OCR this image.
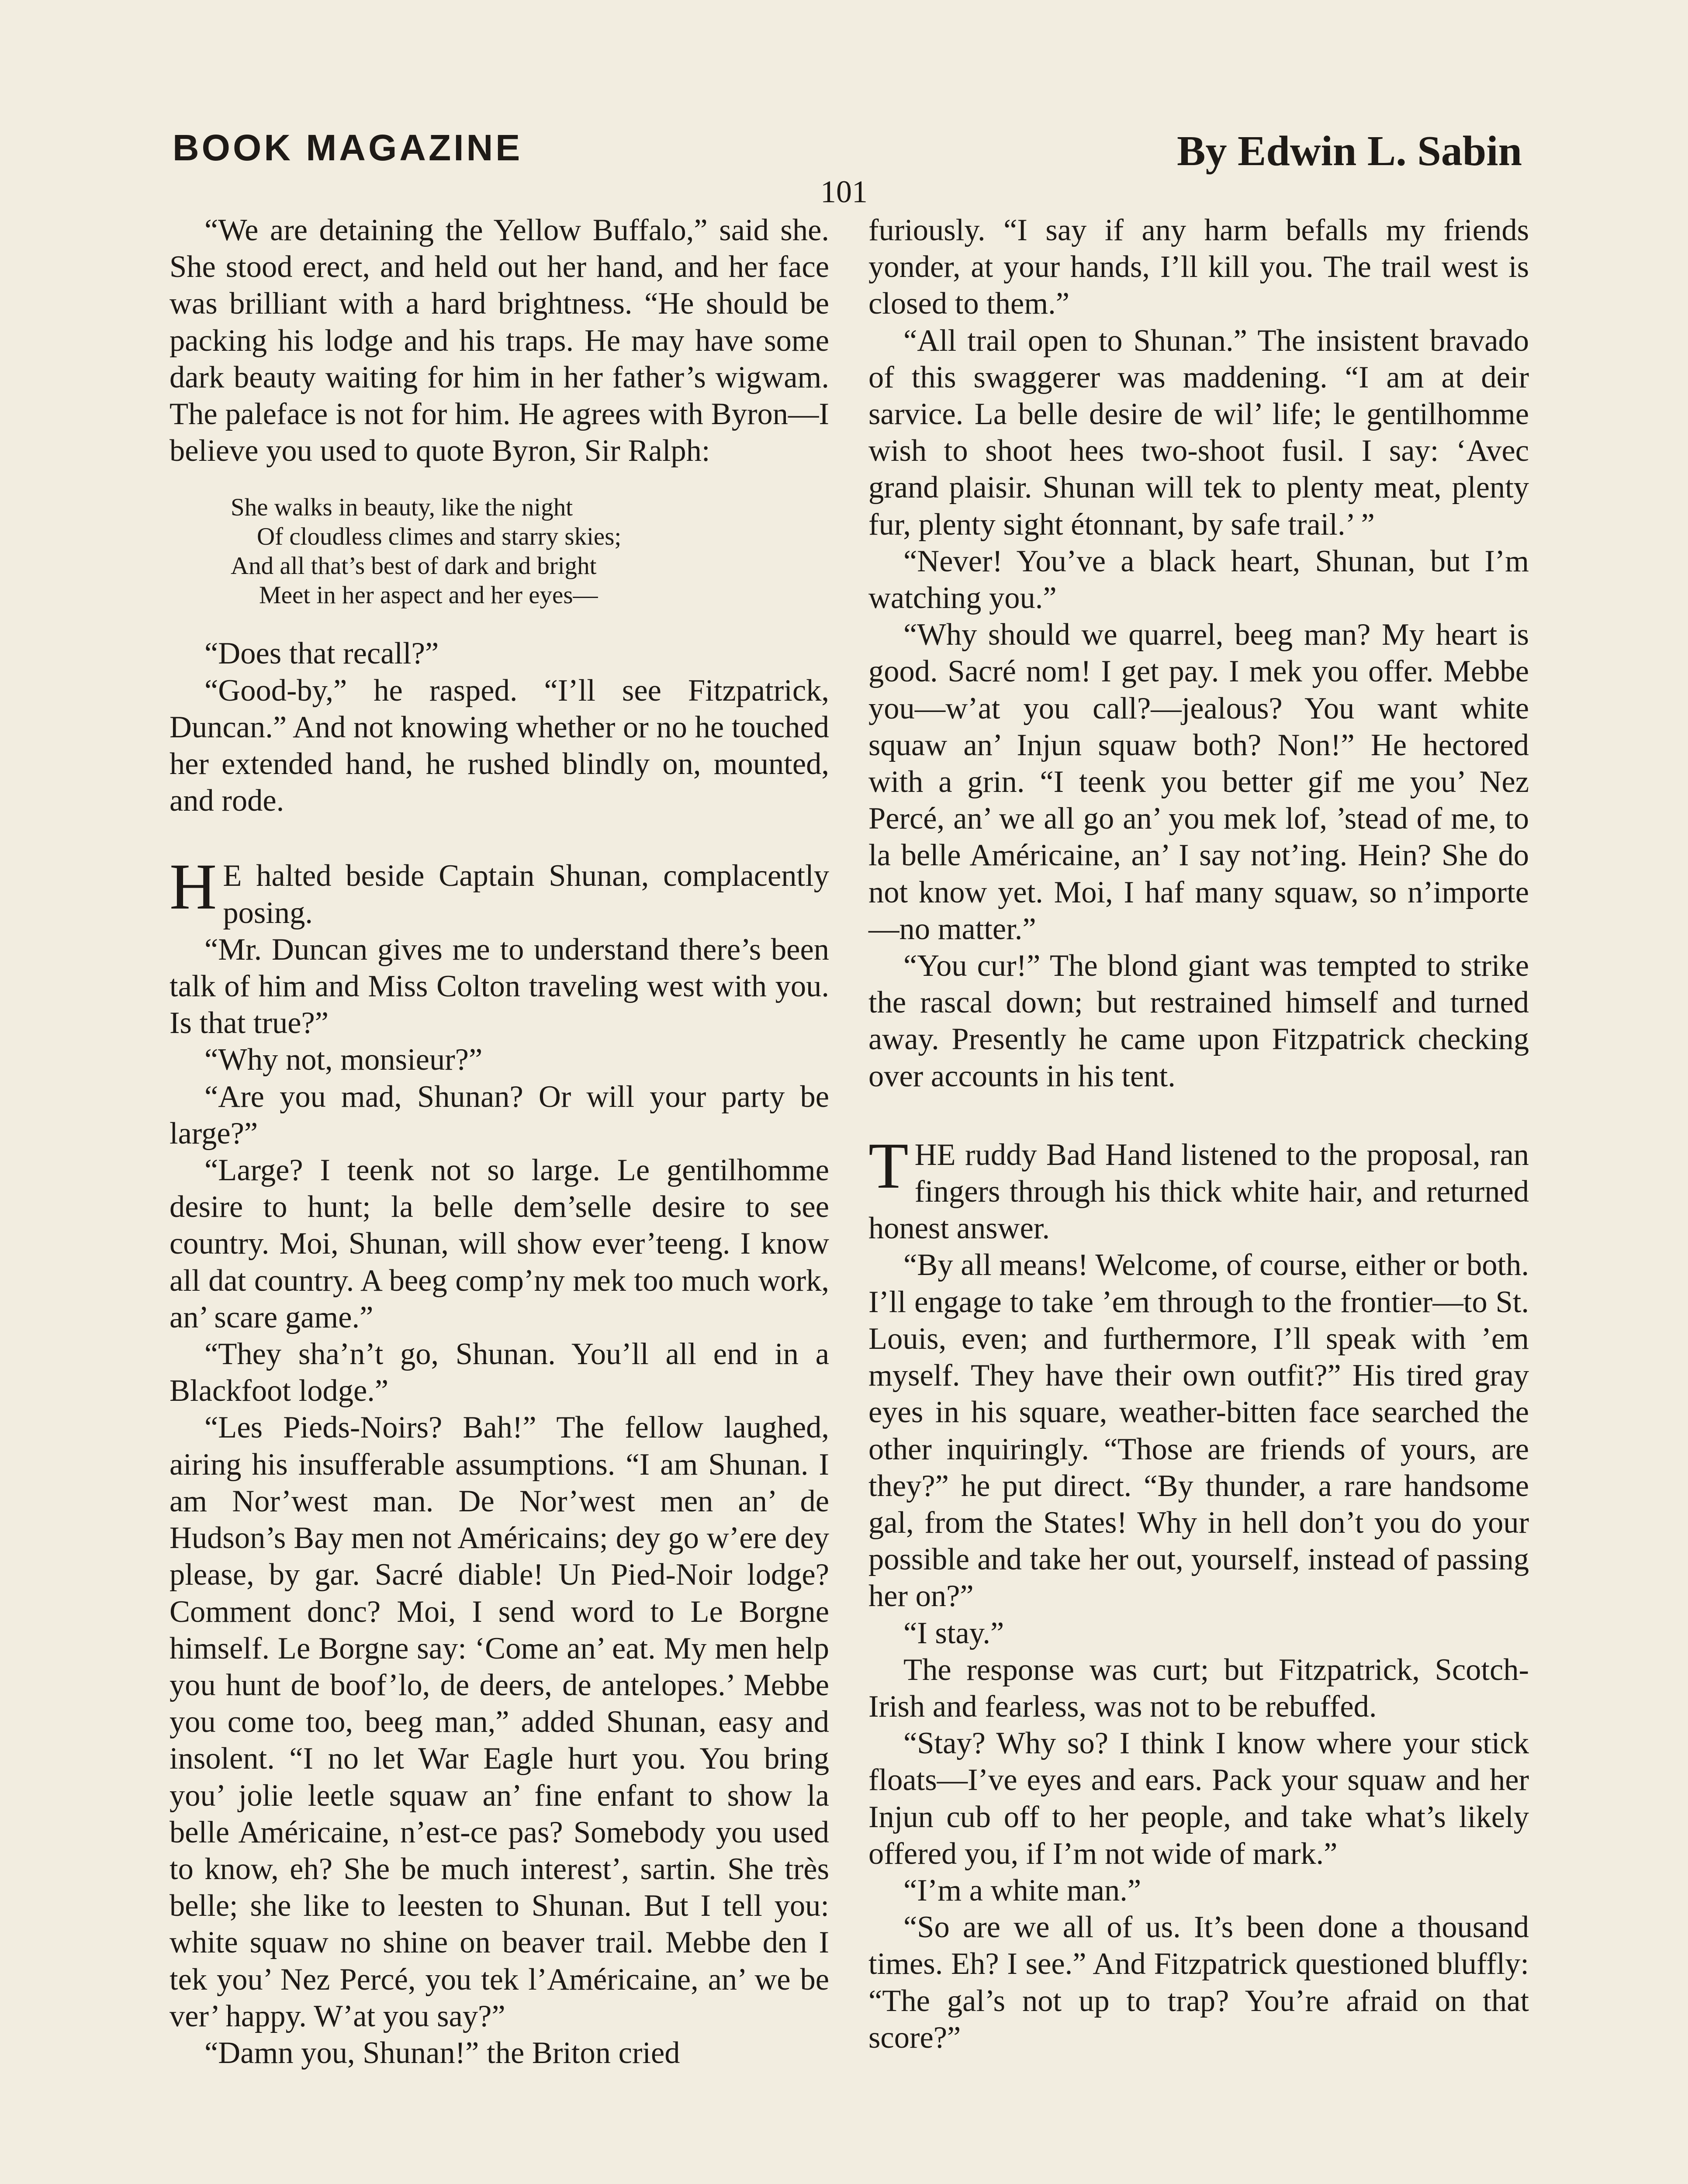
BOOK MAGAZINE	By Edwin L. Sabin
101

“We are detaining the Yellow Buffalo,” said she. She stood erect, and held out her hand, and her face was brilliant with a hard brightness. “He should be packing his lodge and his traps. He may have some dark beauty waiting for him in her father’s wigwam. The paleface is not for him. He agrees with Byron—I believe you used to quote Byron, Sir Ralph:

She walks in beauty, like the night
Of cloudless climes and starry skies;
And all that’s best of dark and bright
Meet in her aspect and her eyes—

“Does that recall?”

“Good-by,” he rasped. “I’ll see Fitzpatrick, Duncan.” And not knowing whether or no he touched her extended hand, he rushed blindly on, mounted, and rode.

H E halted beside Captain Shunan, complacently posing.

“Mr. Duncan gives me to understand there’s been talk of him and Miss Colton traveling west with you. Is that true?”

“Why not, monsieur?”

“Are you mad, Shunan? Or will your party be large?”

“Large? I teenk not so large. Le gentilhomme desire to hunt; la belle dem’selle desire to see country. Moi, Shunan, will show ever’teeng. I know all dat country. A beeg comp’ny mek too much work, an’ scare game.”

“They sha’n’t go, Shunan. You’ll all end in a Blackfoot lodge.”

“Les Pieds-Noirs? Bah!” The fellow laughed, airing his insufferable assumptions. “I am Shunan. I am Nor’west man. De Nor’west men an’ de Hudson’s Bay men not Américains; dey go w’ere dey please, by gar. Sacré diable! Un Pied-Noir lodge? Comment donc? Moi, I send word to Le Borgne himself. Le Borgne say: ‘Come an’ eat. My men help you hunt de boof’lo, de deers, de antelopes.’ Mebbe you come too, beeg man,” added Shunan, easy and insolent. “I no let War Eagle hurt you. You bring you’ jolie leetle squaw an’ fine enfant to show la belle Américaine, n’est-ce pas? Somebody you used to know, eh? She be much interest’, sartin. She très belle; she like to leesten to Shunan. But I tell you: white squaw no shine on beaver trail. Mebbe den I tek you’ Nez Percé, you tek l’Américaine, an’ we be ver’ happy. W’at you say?”

“Damn you, Shunan!” the Briton cried

furiously. “I say if any harm befalls my friends yonder, at your hands, I’ll kill you. The trail west is closed to them.”

“All trail open to Shunan.” The insistent bravado of this swaggerer was maddening. “I am at deir sarvice. La belle desire de wil’ life; le gentilhomme wish to shoot hees two-shoot fusil. I say: ‘Avec grand plaisir. Shunan will tek to plenty meat, plenty fur, plenty sight étonnant, by safe trail.’ ”

“Never! You’ve a black heart, Shunan, but I’m watching you.”

“Why should we quarrel, beeg man? My heart is good. Sacré nom! I get pay. I mek you offer. Mebbe you—w’at you call?—jealous? You want white squaw an’ Injun squaw both? Non!” He hectored with a grin. “I teenk you better gif me you’ Nez Percé, an’ we all go an’ you mek lof, ’stead of me, to la belle Américaine, an’ I say not’ing. Hein? She do not know yet. Moi, I haf many squaw, so n’importe—no matter.”

“You cur!” The blond giant was tempted to strike the rascal down; but restrained himself and turned away. Presently he came upon Fitzpatrick checking over accounts in his tent.

THE ruddy Bad Hand listened to the proposal, ran fingers through his thick white hair, and returned honest answer.

“By all means! Welcome, of course, either or both. I’ll engage to take ’em through to the frontier—to St. Louis, even; and furthermore, I’ll speak with ’em myself. They have their own outfit?” His tired gray eyes in his square, weather-bitten face searched the other inquiringly. “Those are friends of yours, are they?” he put direct. “By thunder, a rare handsome gal, from the States! Why in hell don’t you do your possible and take her out, yourself, instead of passing her on?”

“I stay.”

The response was curt; but Fitzpatrick, Scotch-Irish and fearless, was not to be rebuffed.

“Stay? Why so? I think I know where your stick floats—I’ve eyes and ears. Pack your squaw and her Injun cub off to her people, and take what’s likely offered you, if I’m not wide of mark.”

“I’m a white man.”

“So are we all of us. It’s been done a thousand times. Eh? I see.” And Fitzpatrick questioned bluffly: “The gal’s not up to trap? You’re afraid on that score?”
